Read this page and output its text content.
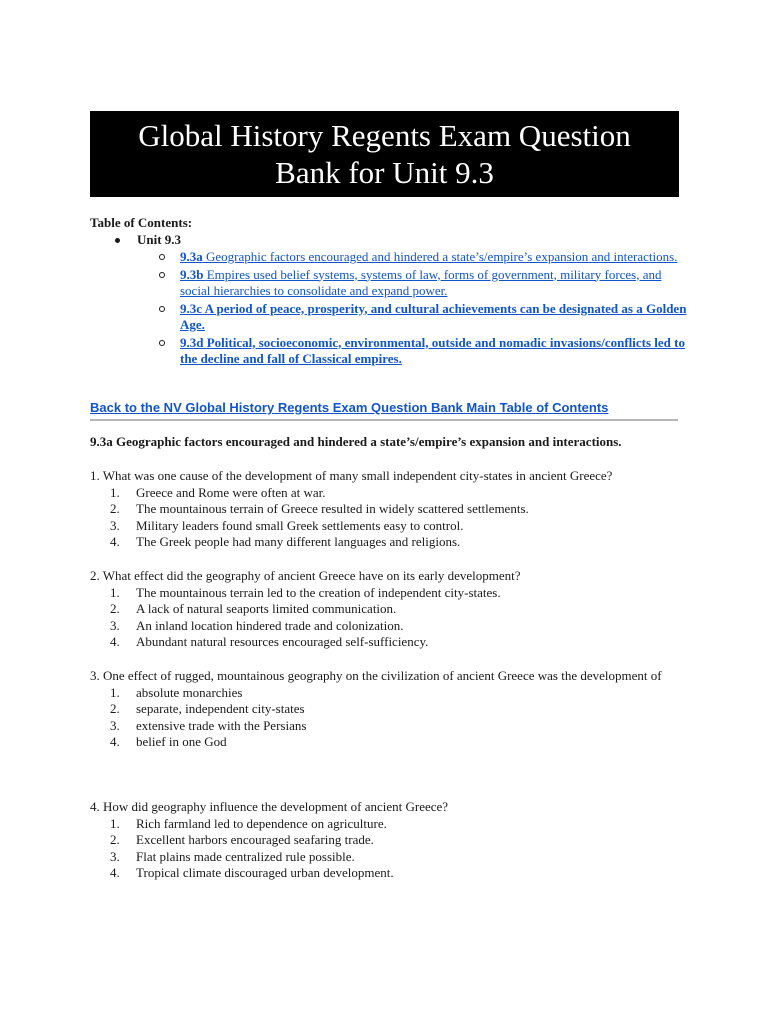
Global History Regents Exam Question Bank for Unit 9.3
Table of Contents:
Unit 9.3
9.3a Geographic factors encouraged and hindered a state’s/empire’s expansion and interactions.
9.3b Empires used belief systems, systems of law, forms of government, military forces, and social hierarchies to consolidate and expand power.
9.3c A period of peace, prosperity, and cultural achievements can be designated as a Golden Age.
9.3d Political, socioeconomic, environmental, outside and nomadic invasions/conflicts led to the decline and fall of Classical empires.
Back to the NV Global History Regents Exam Question Bank Main Table of Contents
9.3a Geographic factors encouraged and hindered a state’s/empire’s expansion and interactions.

1. What was one cause of the development of many small independent city-states in ancient Greece?

1. Greece and Rome were often at war.
2. The mountainous terrain of Greece resulted in widely scattered settlements.
3. Military leaders found small Greek settlements easy to control.
4. The Greek people had many different languages and religions.

2. What effect did the geography of ancient Greece have on its early development?

1. The mountainous terrain led to the creation of independent city-states.
2. A lack of natural seaports limited communication.
3. An inland location hindered trade and colonization.
4. Abundant natural resources encouraged self-sufficiency.

3. One effect of rugged, mountainous geography on the civilization of ancient Greece was the development of

1. absolute monarchies
2. separate, independent city-states
3. extensive trade with the Persians
4. belief in one God

4. How did geography influence the development of ancient Greece?

1. Rich farmland led to dependence on agriculture.
2. Excellent harbors encouraged seafaring trade.
3. Flat plains made centralized rule possible.
4. Tropical climate discouraged urban development.
